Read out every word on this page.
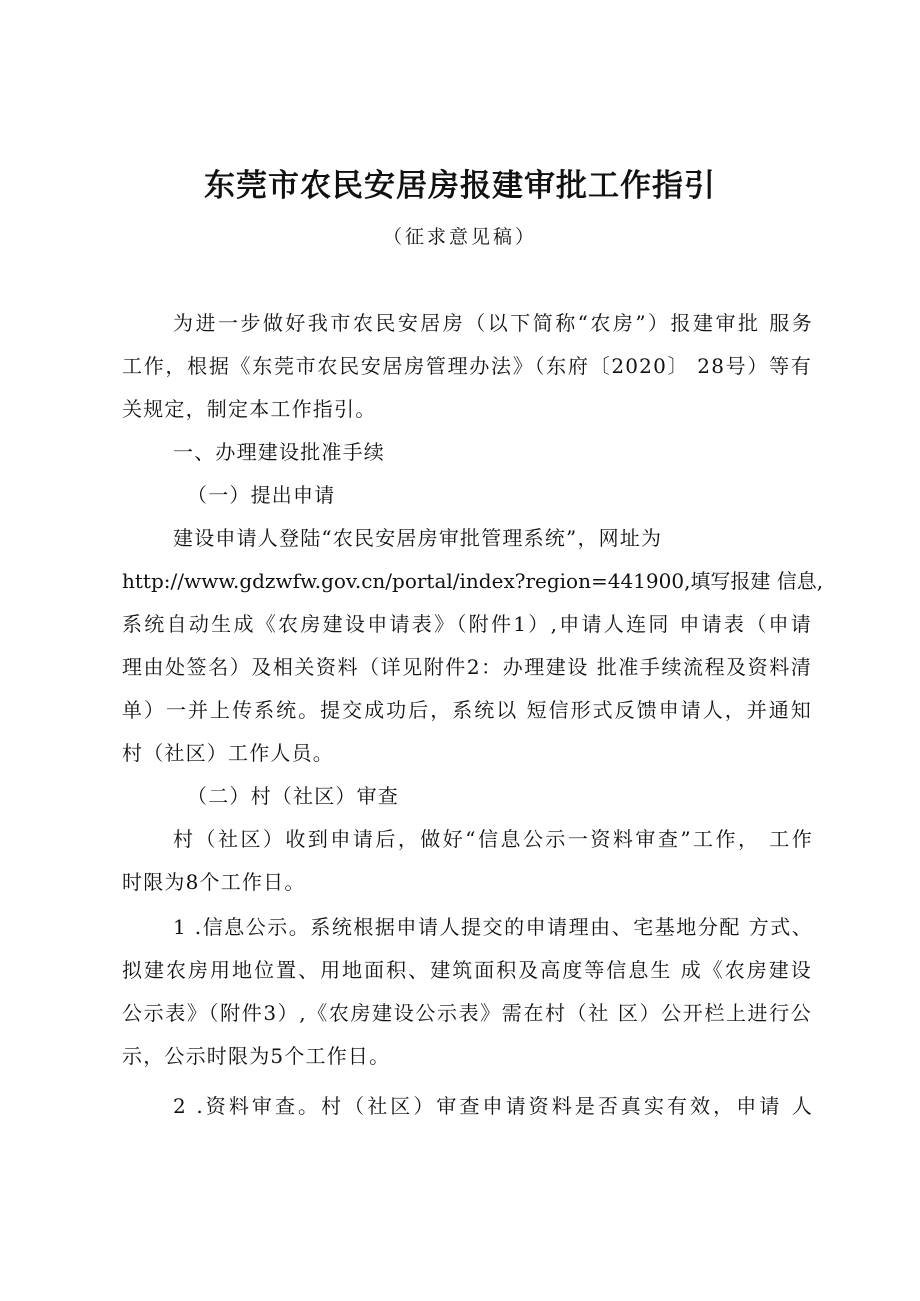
东莞市农民安居房报建审批工作指引

（征求意见稿）

为进一步做好我市农民安居房（以下简称“农房”）报建审批 服务
工作，根据《东莞市农民安居房管理办法》（东府〔2020〕 28号）等有
关规定，制定本工作指引。
一、办理建设批准手续
（一）提出申请
建设申请人登陆“农民安居房审批管理系统”，网址为
http://www.gdzwfw.gov.cn/portal/index?region=441900,填写报建 信息,
系统自动生成《农房建设申请表》（附件1）,申请人连同 申请表（申请
理由处签名）及相关资料（详见附件2：办理建设 批准手续流程及资料清
单）一并上传系统。提交成功后，系统以 短信形式反馈申请人，并通知
村（社区）工作人员。
（二）村（社区）审查
村（社区）收到申请后，做好“信息公示一资料审查”工作， 工作
时限为8个工作日。
1 .信息公示。系统根据申请人提交的申请理由、宅基地分配 方式、
拟建农房用地位置、用地面积、建筑面积及高度等信息生 成《农房建设
公示表》（附件3）,《农房建设公示表》需在村（社 区）公开栏上进行公
示，公示时限为5个工作日。
2 .资料审查。村（社区）审查申请资料是否真实有效，申请 人
